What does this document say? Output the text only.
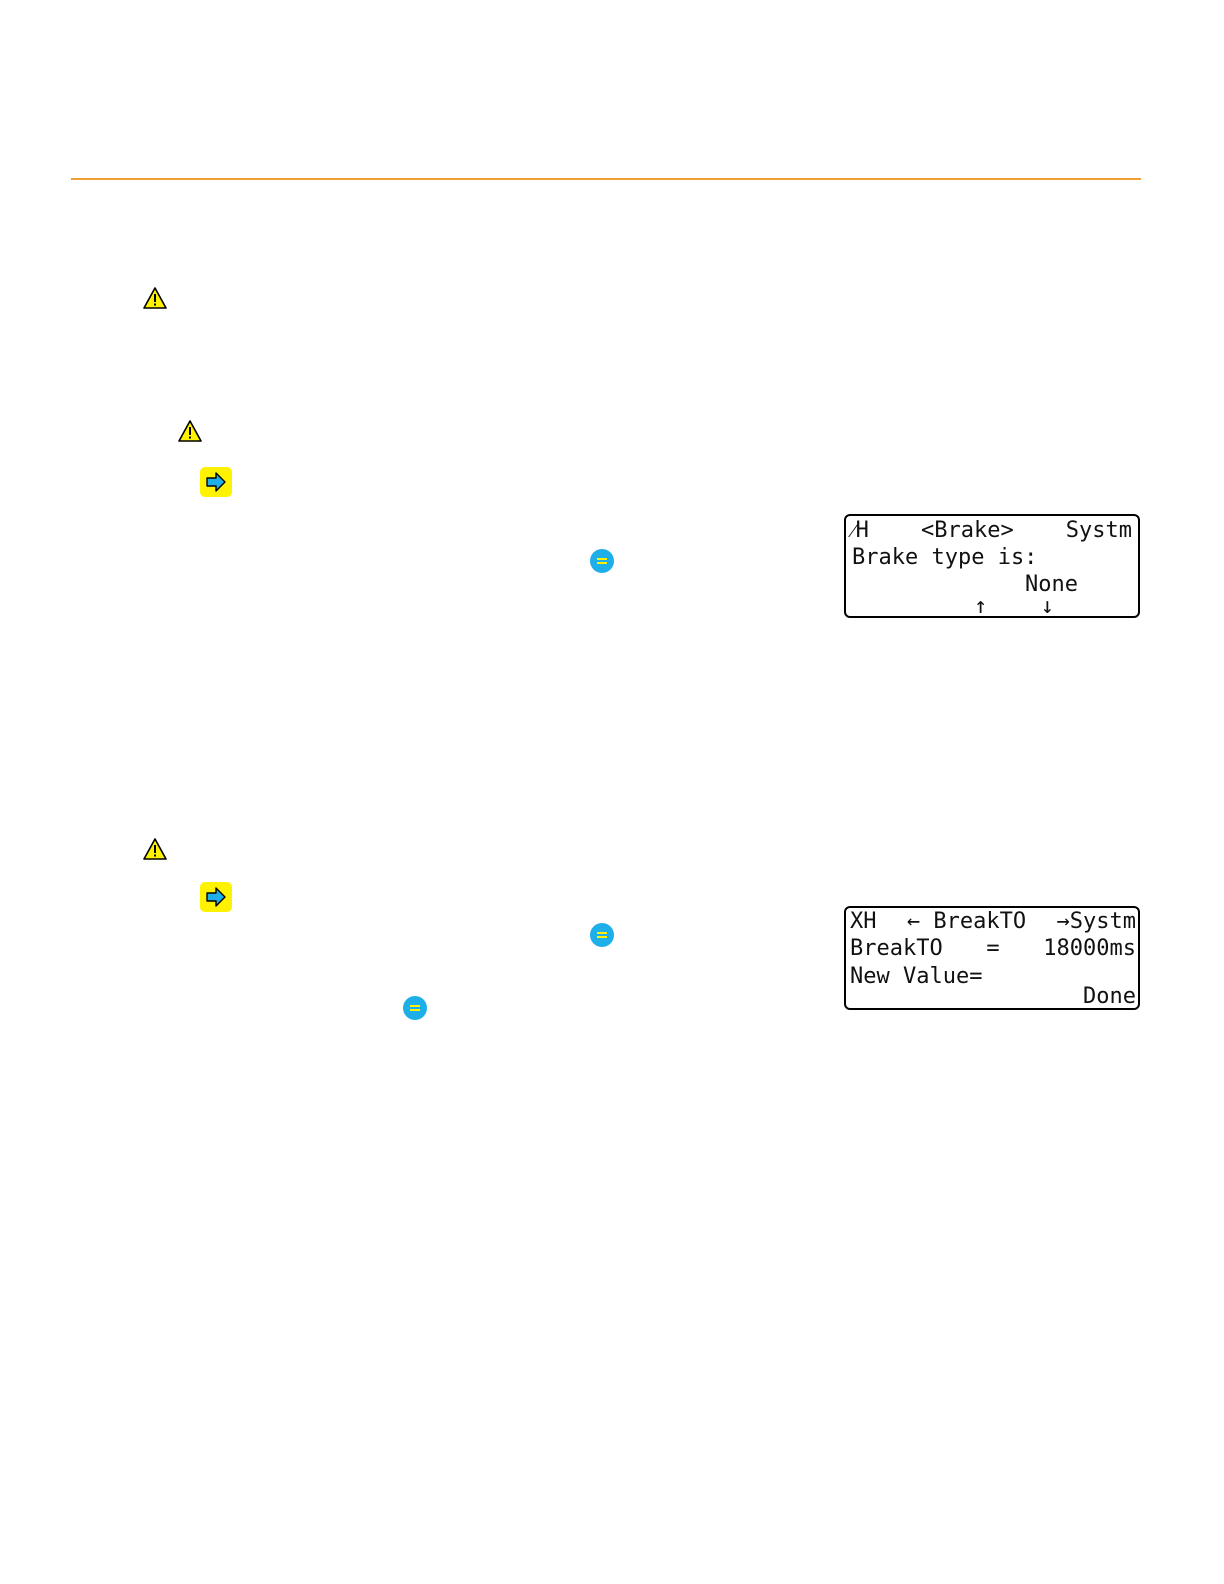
⁄H <Brake> Systm
Brake type is:
None
↑ ↓
XH ← BreakTO →Systm
BreakTO = 18000ms
New Value=
Done
